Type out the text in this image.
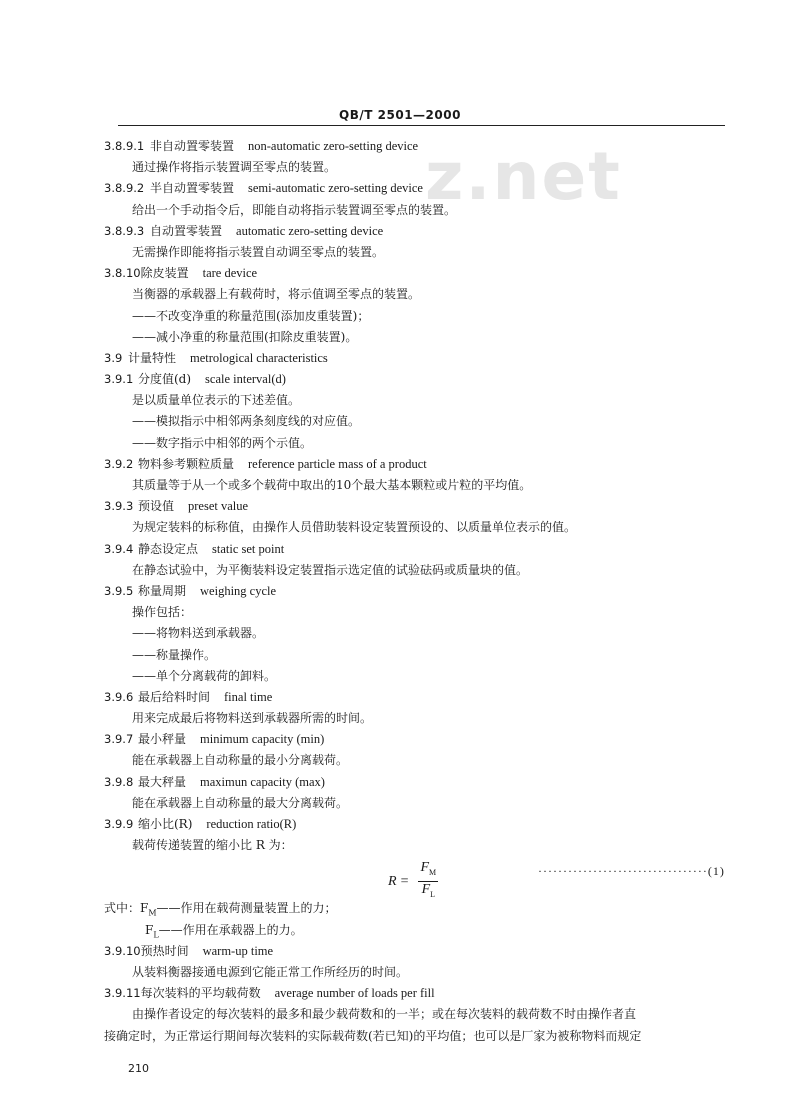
QB/T 2501—2000
z.net
3.8.9.1 非自动置零装置 non-automatic zero-setting device
通过操作将指示装置调至零点的装置。
3.8.9.2 半自动置零装置 semi-automatic zero-setting device
给出一个手动指令后，即能自动将指示装置调至零点的装置。
3.8.9.3 自动置零装置 automatic zero-setting device
无需操作即能将指示装置自动调至零点的装置。
3.8.10除皮装置 tare device
当衡器的承载器上有载荷时，将示值调至零点的装置。
——不改变净重的称量范围(添加皮重装置)；
——减小净重的称量范围(扣除皮重装置)。
3.9 计量特性 metrological characteristics
3.9.1 分度值(d) scale interval(d)
是以质量单位表示的下述差值。
——模拟指示中相邻两条刻度线的对应值。
——数字指示中相邻的两个示值。
3.9.2 物料参考颗粒质量 reference particle mass of a product
其质量等于从一个或多个载荷中取出的10个最大基本颗粒或片粒的平均值。
3.9.3 预设值 preset value
为规定装料的标称值，由操作人员借助装料设定装置预设的、以质量单位表示的值。
3.9.4 静态设定点 static set point
在静态试验中，为平衡装料设定装置指示选定值的试验砝码或质量块的值。
3.9.5 称量周期 weighing cycle
操作包括：
——将物料送到承载器。
——称量操作。
——单个分离载荷的卸料。
3.9.6 最后给料时间 final time
用来完成最后将物料送到承载器所需的时间。
3.9.7 最小秤量 minimum capacity (min)
能在承载器上自动称量的最小分离载荷。
3.9.8 最大秤量 maximun capacity (max)
能在承载器上自动称量的最大分离载荷。
3.9.9 缩小比(R) reduction ratio(R)
载荷传递装置的缩小比 R 为：
$R = \frac{F_M}{F_L}$	··································(1)
式中：$F_M——$作用在载荷测量装置上的力；
$F_L——$作用在承载器上的力。
3.9.10预热时间 warm-up time
从装料衡器接通电源到它能正常工作所经历的时间。
3.9.11每次装料的平均载荷数 average number of loads per fill
由操作者设定的每次装料的最多和最少载荷数和的一半；或在每次装料的载荷数不时由操作者直
接确定时，为正常运行期间每次装料的实际载荷数(若已知)的平均值；也可以是厂家为被称物料而规定
210
